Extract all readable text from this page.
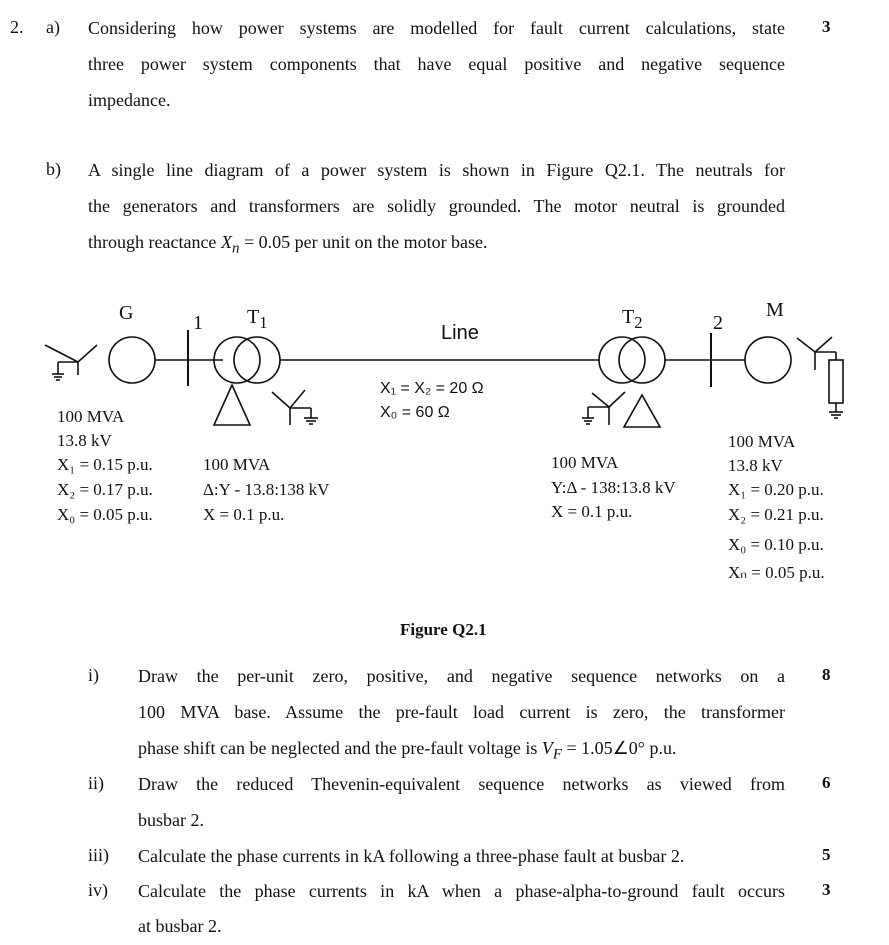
2. a) Considering how power systems are modelled for fault current calculations, state
three power system components that have equal positive and negative sequence
impedance.
3
b) A single line diagram of a power system is shown in Figure Q2.1. The neutrals for
the generators and transformers are solidly grounded. The motor neutral is grounded
through reactance $X_n = 0.05$ per unit on the motor base.
G	1 $T_1$	Line
$T_2$	2
M
X₁ = X₂ = 20 Ω
X₀ = 60 Ω
100 MVA
13.8 kV
X₁ = 0.15 p.u.
X₂ = 0.17 p.u.
X₀ = 0.05 p.u.
100 MVA
Δ:Y - 13.8:138 kV
X = 0.1 p.u.
100 MVA
Y:Δ - 138:13.8 kV
X = 0.1 p.u.
100 MVA
13.8 kV
X₁ = 0.20 p.u.
X₂ = 0.21 p.u.
X₀ = 0.10 p.u.
Xₙ = 0.05 p.u.
Figure Q2.1
i) Draw the per-unit zero, positive, and negative sequence networks on a
100 MVA base. Assume the pre-fault load current is zero, the transformer
phase shift can be neglected and the pre-fault voltage is $V_F$ = 1.05∠0° p.u.
8
ii) Draw the reduced Thevenin-equivalent sequence networks as viewed from
busbar 2.
6
iii) Calculate the phase currents in kA following a three-phase fault at busbar 2.	5
iv) Calculate the phase currents in kA when a phase-alpha-to-ground fault occurs
at busbar 2.
3
